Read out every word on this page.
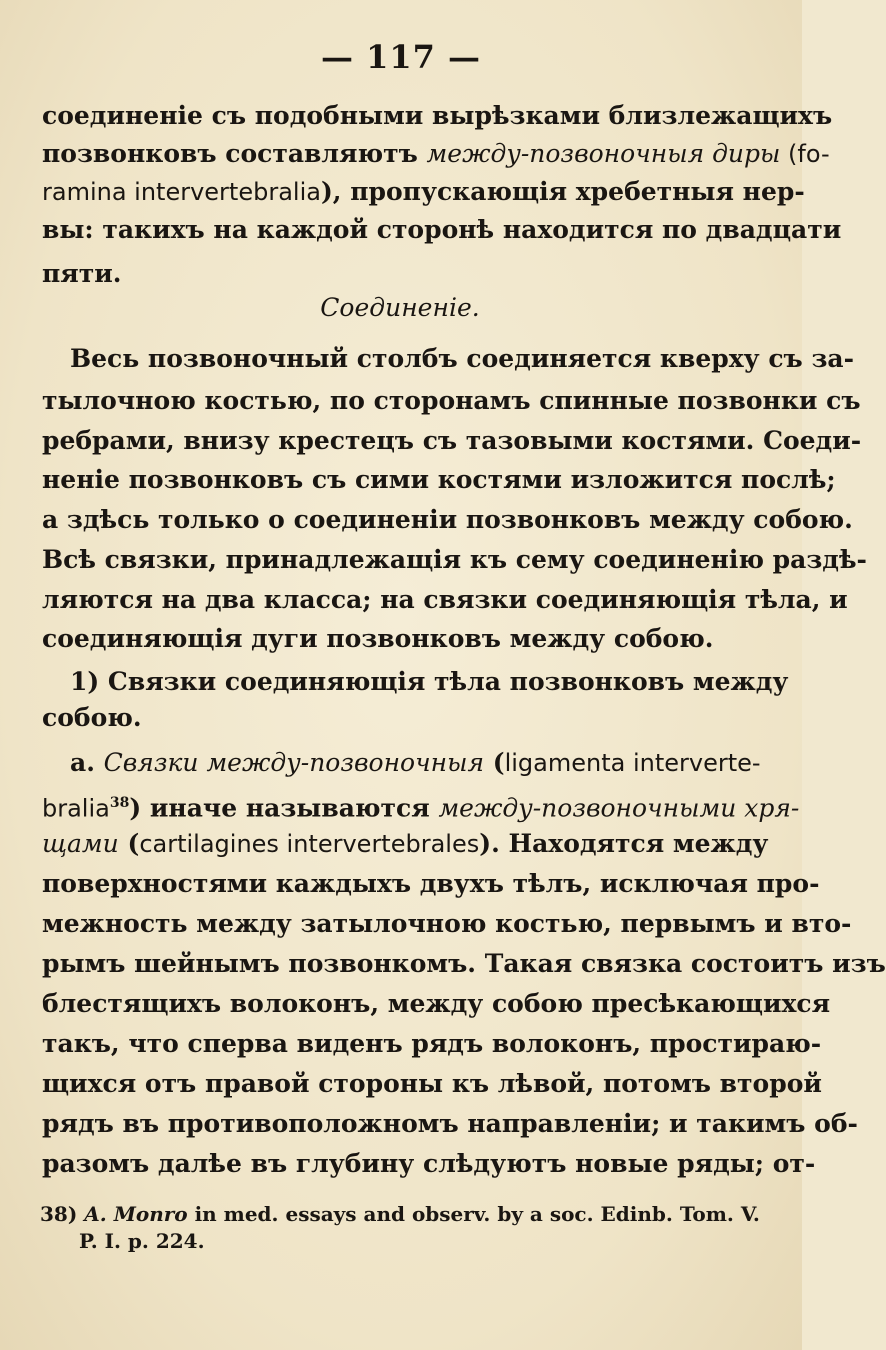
— 117 —
соединеніе съ подобными вырѣзками близлежащихъ
позвонковъ составляютъ между-позвоночныя диры (fo-
ramina intervertebralia), пропускающія хребетныя нер-
вы: такихъ на каждой сторонѣ находится по двадцати
пяти.
Соединеніе.
Весь позвоночный столбъ соединяется кверху съ за-
тылочною костью, по сторонамъ спинные позвонки съ
ребрами, внизу крестецъ съ тазовыми костями. Соеди-
неніе позвонковъ съ сими костями изложится послѣ;
а здѣсь только о соединеніи позвонковъ между собою.
Всѣ связки, принадлежащія къ сему соединенію раздѣ-
ляются на два класса; на связки соединяющія тѣла, и
соединяющія дуги позвонковъ между собою.
1) Связки соединяющія тѣла позвонковъ между
собою.
a. Связки между-позвоночныя (ligamenta interverte-
bralia$^{38}$) иначе называются между-позвоночными хря-
щами (cartilagines intervertebrales). Находятся между
поверхностями каждыхъ двухъ тѣлъ, исключая про-
межность между затылочною костью, первымъ и вто-
рымъ шейнымъ позвонкомъ. Такая связка состоитъ изъ
блестящихъ волоконъ, между собою пресѣкающихся
такъ, что сперва виденъ рядъ волоконъ, простираю-
щихся отъ правой стороны къ лѣвой, потомъ второй
рядъ въ противоположномъ направленіи; и такимъ об-
разомъ далѣе въ глубину слѣдуютъ новые ряды; от-
38) A. Monro in med. essays and observ. by a soc. Edinb. Tom. V.
P. I. p. 224.
